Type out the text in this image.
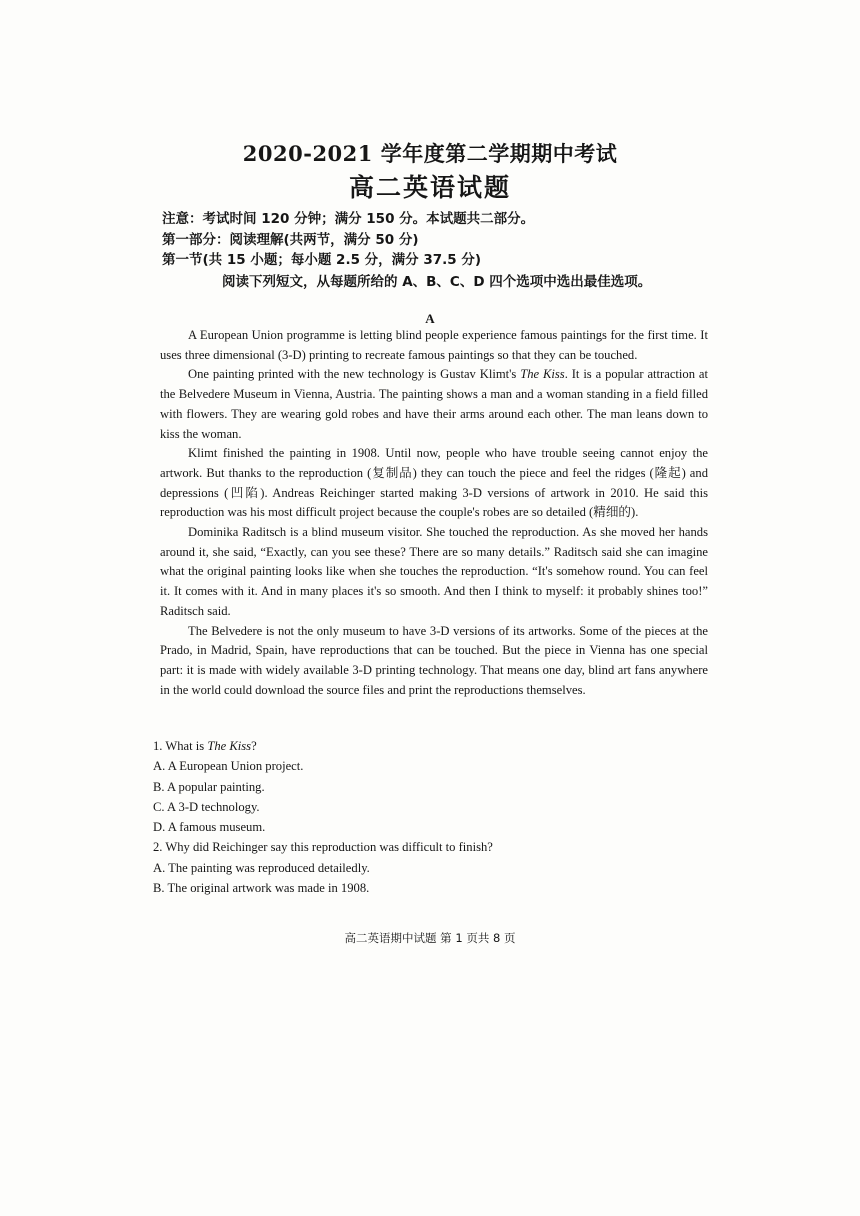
2020-2021 学年度第二学期期中考试
高二英语试题
注意：考试时间 120 分钟；满分 150 分。本试题共二部分。
第一部分：阅读理解(共两节，满分 50 分)
第一节(共 15 小题；每小题 2.5 分，满分 37.5 分)
阅读下列短文，从每题所给的 A、B、C、D 四个选项中选出最佳选项。
A

A European Union programme is letting blind people experience famous paintings for the first time. It uses three dimensional (3-D) printing to recreate famous paintings so that they can be touched.

One painting printed with the new technology is Gustav Klimt's The Kiss. It is a popular attraction at the Belvedere Museum in Vienna, Austria. The painting shows a man and a woman standing in a field filled with flowers. They are wearing gold robes and have their arms around each other. The man leans down to kiss the woman.

Klimt finished the painting in 1908. Until now, people who have trouble seeing cannot enjoy the artwork. But thanks to the reproduction (复制品) they can touch the piece and feel the ridges (隆起) and depressions (凹陷). Andreas Reichinger started making 3-D versions of artwork in 2010. He said this reproduction was his most difficult project because the couple's robes are so detailed (精细的).

Dominika Raditsch is a blind museum visitor. She touched the reproduction. As she moved her hands around it, she said, “Exactly, can you see these? There are so many details.” Raditsch said she can imagine what the original painting looks like when she touches the reproduction. “It's somehow round. You can feel it. It comes with it. And in many places it's so smooth. And then I think to myself: it probably shines too!” Raditsch said.

The Belvedere is not the only museum to have 3-D versions of its artworks. Some of the pieces at the Prado, in Madrid, Spain, have reproductions that can be touched. But the piece in Vienna has one special part: it is made with widely available 3-D printing technology. That means one day, blind art fans anywhere in the world could download the source files and print the reproductions themselves.

1. What is The Kiss?
A. A European Union project.
B. A popular painting.
C. A 3-D technology.
D. A famous museum.
2. Why did Reichinger say this reproduction was difficult to finish?
A. The painting was reproduced detailedly.
B. The original artwork was made in 1908.
高二英语期中试题 第 1 页共 8 页
